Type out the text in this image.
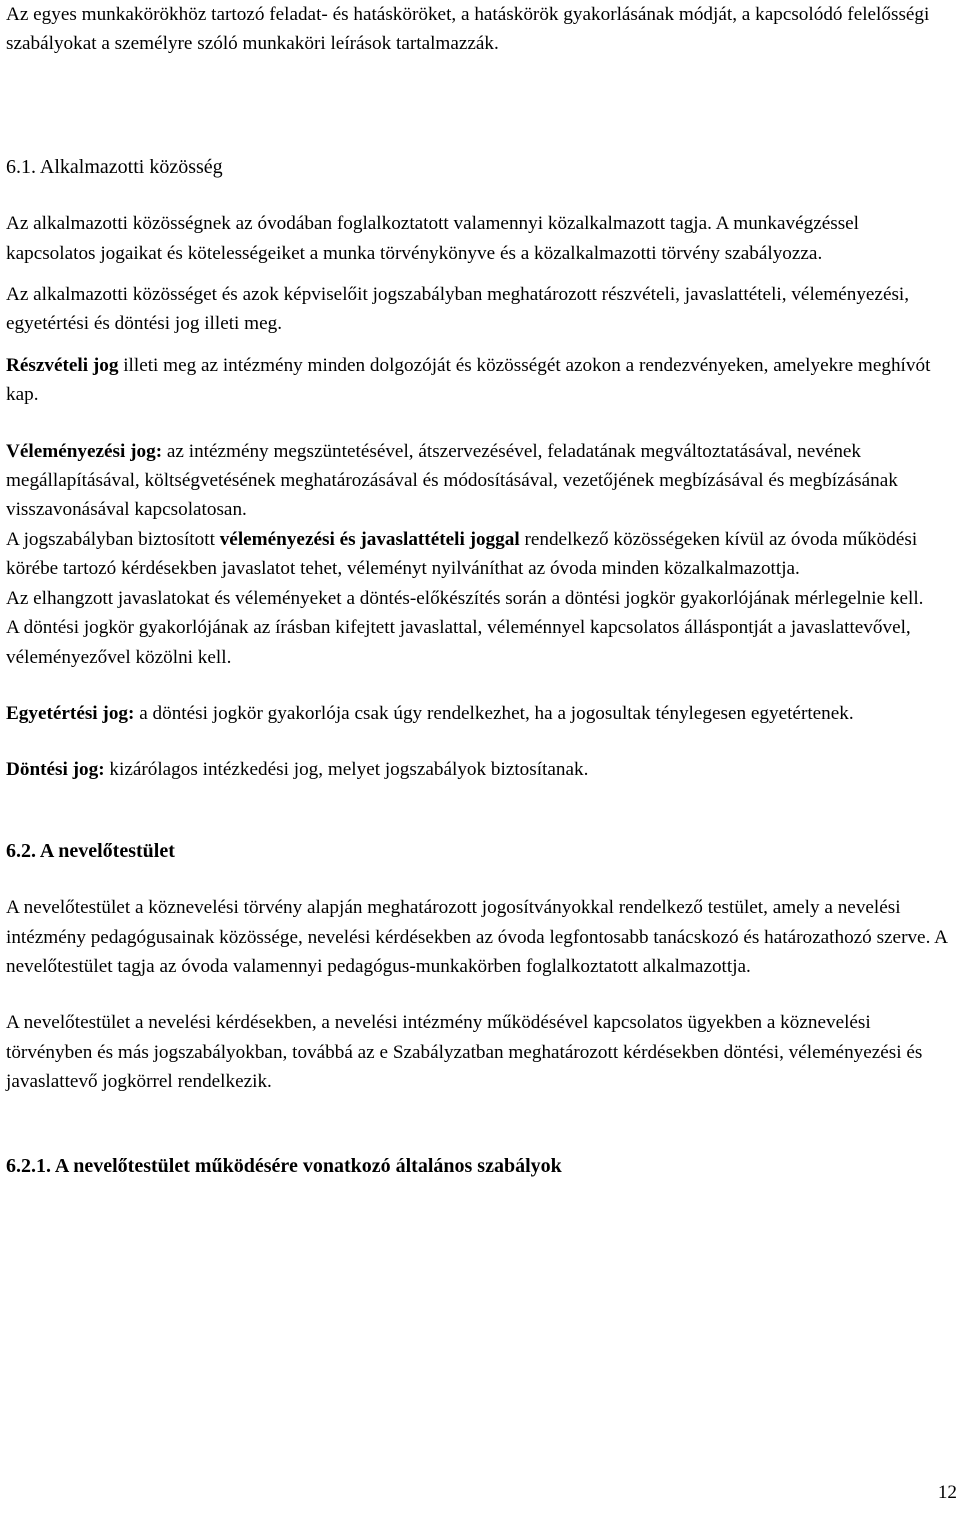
Az egyes munkakörökhöz tartozó feladat- és hatásköröket, a hatáskörök gyakorlásának módját, a kapcsolódó felelősségi szabályokat a személyre szóló munkaköri leírások tartalmazzák.

6.1. Alkalmazotti közösség

Az alkalmazotti közösségnek az óvodában foglalkoztatott valamennyi közalkalmazott tagja. A munkavégzéssel kapcsolatos jogaikat és kötelességeiket a munka törvénykönyve és a közalkalmazotti törvény szabályozza.

Az alkalmazotti közösséget és azok képviselőit jogszabályban meghatározott részvételi, javaslattételi, véleményezési, egyetértési és döntési jog illeti meg.

Részvételi jog illeti meg az intézmény minden dolgozóját és közösségét azokon a rendezvényeken, amelyekre meghívót kap.

Véleményezési jog: az intézmény megszüntetésével, átszervezésével, feladatának megváltoztatásával, nevének megállapításával, költségvetésének meghatározásával és módosításával, vezetőjének megbízásával és megbízásának visszavonásával kapcsolatosan.

A jogszabályban biztosított véleményezési és javaslattételi joggal rendelkező közösségeken kívül az óvoda működési körébe tartozó kérdésekben javaslatot tehet, véleményt nyilváníthat az óvoda minden közalkalmazottja.

Az elhangzott javaslatokat és véleményeket a döntés-előkészítés során a döntési jogkör gyakorlójának mérlegelnie kell.

A döntési jogkör gyakorlójának az írásban kifejtett javaslattal, véleménnyel kapcsolatos álláspontját a javaslattevővel, véleményezővel közölni kell.

Egyetértési jog: a döntési jogkör gyakorlója csak úgy rendelkezhet, ha a jogosultak ténylegesen egyetértenek.

Döntési jog: kizárólagos intézkedési jog, melyet jogszabályok biztosítanak.

6.2. A nevelőtestület

A nevelőtestület a köznevelési törvény alapján meghatározott jogosítványokkal rendelkező testület, amely a nevelési intézmény pedagógusainak közössége, nevelési kérdésekben az óvoda legfontosabb tanácskozó és határozathozó szerve. A nevelőtestület tagja az óvoda valamennyi pedagógus-munkakörben foglalkoztatott alkalmazottja.

A nevelőtestület a nevelési kérdésekben, a nevelési intézmény működésével kapcsolatos ügyekben a köznevelési törvényben és más jogszabályokban, továbbá az e Szabályzatban meghatározott kérdésekben döntési, véleményezési és javaslattevő jogkörrel rendelkezik.

6.2.1. A nevelőtestület működésére vonatkozó általános szabályok

12
